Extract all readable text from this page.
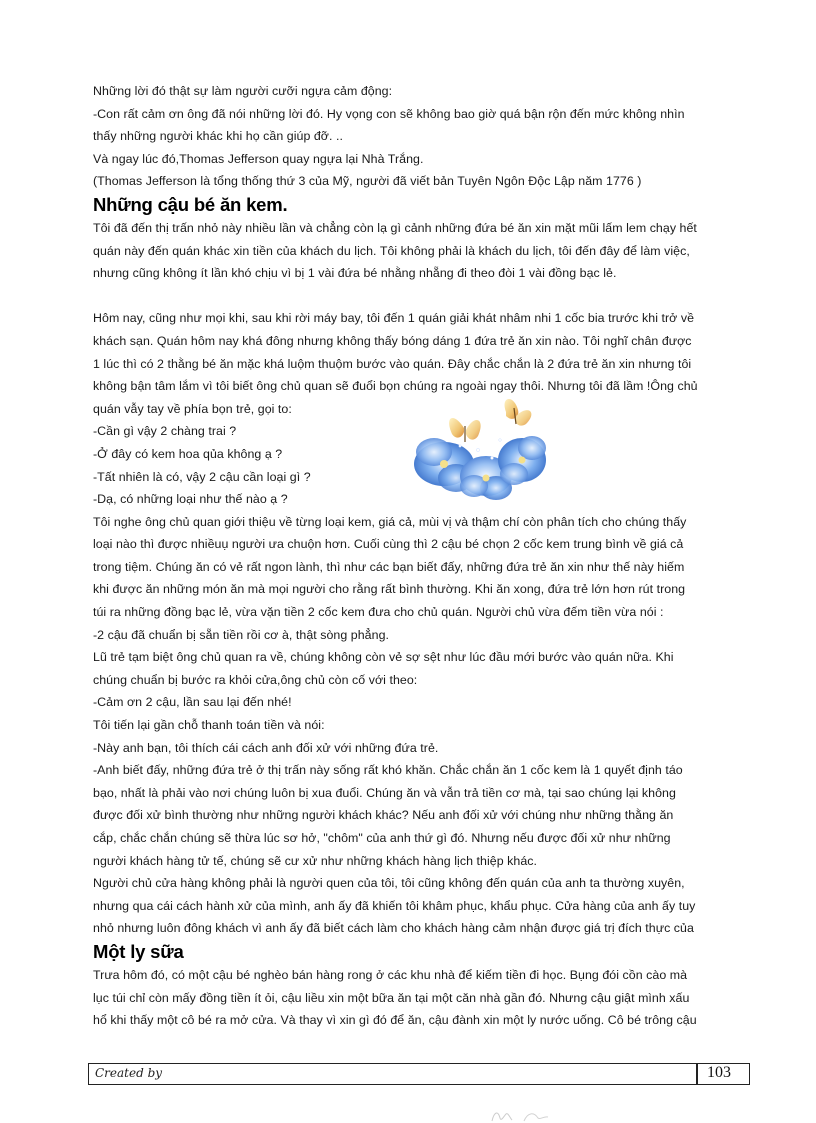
Những lời đó thật sự làm người cưỡi ngựa cảm động:

-Con rất cảm ơn ông đã nói những lời đó. Hy vọng con sẽ không bao giờ quá bận rộn đến mức không nhìn

thấy những người khác khi họ cần giúp đỡ. ..

Và ngay lúc đó,Thomas Jefferson quay ngựa lại Nhà Trắng.

(Thomas Jefferson là tổng thống thứ 3 của Mỹ, người đã viết bản Tuyên Ngôn Độc Lập năm 1776 )

Những cậu bé ăn kem.

Tôi đã đến thị trấn nhỏ này nhiều lần và chẳng còn lạ gì cảnh những đứa bé ăn xin mặt mũi lấm lem chạy hết

quán này đến quán khác xin tiền của khách du lịch. Tôi không phải là khách du lịch, tôi đến đây để làm việc,

nhưng cũng không ít lần khó chịu vì bị 1 vài đứa bé nhằng nhẵng đi theo đòi 1 vài đồng bạc lẻ.

Hôm nay, cũng như mọi khi, sau khi rời máy bay, tôi đến 1 quán giải khát nhâm nhi 1 cốc bia trước khi trở về

khách sạn. Quán hôm nay khá đông nhưng không thấy bóng dáng 1 đứa trẻ ăn xin nào. Tôi nghĩ chân được

1 lúc thì có 2 thằng bé ăn mặc khá luộm thuộm bước vào quán. Đây chắc chắn là 2 đứa trẻ ăn xin nhưng tôi

không bận tâm lắm vì tôi biết ông chủ quan sẽ đuổi bọn chúng ra ngoài ngay thôi. Nhưng tôi đã lầm !Ông chủ

quán vẫy tay về phía bọn trẻ, gọi to:

-Cần gì vậy 2 chàng trai ?

-Ở đây có kem hoa qủa không ạ ?

-Tất nhiên là có, vậy 2 cậu cần loại gì ?

-Dạ, có những loại như thế nào ạ ?

Tôi nghe ông chủ quan giới thiệu về từng loại kem, giá cả, mùi vị và thậm chí còn phân tích cho chúng thấy

loại nào thì được nhiềuụ người ưa chuộn hơn. Cuối cùng thì 2 cậu bé chọn 2 cốc kem trung bình về giá cả

trong tiệm. Chúng ăn có vẻ rất ngon lành, thì như các bạn biết đấy, những đứa trẻ ăn xin như thế này hiếm

khi được ăn những món ăn mà mọi người cho rằng rất bình thường. Khi ăn xong, đứa trẻ lớn hơn rút trong

túi ra những đồng bạc lẻ, vừa vặn tiền 2 cốc kem đưa cho chủ quán. Người chủ vừa đếm tiền vừa nói :

-2 cậu đã chuẩn bị sẵn tiền rồi cơ à, thật sòng phẳng.

Lũ trẻ tạm biệt ông chủ quan ra về, chúng không còn vẻ sợ sệt như lúc đầu mới bước vào quán nữa. Khi

chúng chuẩn bị bước ra khỏi cửa,ông chủ còn cố với theo:

-Cảm ơn 2 cậu, lần sau lại đến nhé!

Tôi tiến lại gần chỗ thanh toán tiền và nói:

-Này anh bạn, tôi thích cái cách anh đối xử với những đứa trẻ.

-Anh biết đấy, những đứa trẻ ở thị trấn này sống rất khó khăn. Chắc chắn ăn 1 cốc kem là 1 quyết định táo

bạo, nhất là phải vào nơi chúng luôn bị xua đuổi. Chúng ăn và vẫn trả tiền cơ mà, tại sao chúng lại không

được đối xử bình thường như những người khách khác? Nếu anh đối xử với chúng như những thằng ăn

cắp, chắc chắn chúng sẽ thừa lúc sơ hở, "chôm" của anh thứ gì đó. Nhưng nếu được đối xử như những

người khách hàng tử tế, chúng sẽ cư xử như những khách hàng lịch thiệp khác.

Người chủ cửa hàng không phải là người quen của tôi, tôi cũng không đến quán của anh ta thường xuyên,

nhưng qua cái cách hành xử của mình, anh ấy đã khiến tôi khâm phục, khẩu phục. Cửa hàng của anh ấy tuy

nhỏ nhưng luôn đông khách vì anh ấy đã biết cách làm cho khách hàng cảm nhận được giá trị đích thực của

Một ly sữa

Trưa hôm đó, có một cậu bé nghèo bán hàng rong ở các khu nhà để kiếm tiền đi học. Bụng đói cồn cào mà

lục túi chỉ còn mấy đồng tiền ít ỏi, cậu liều xin một bữa ăn tại một căn nhà gần đó. Nhưng cậu giật mình xấu

hổ khi thấy một cô bé ra mở cửa. Và thay vì xin gì đó để ăn, cậu đành xin một ly nước uống. Cô bé trông cậu

Created by	103
